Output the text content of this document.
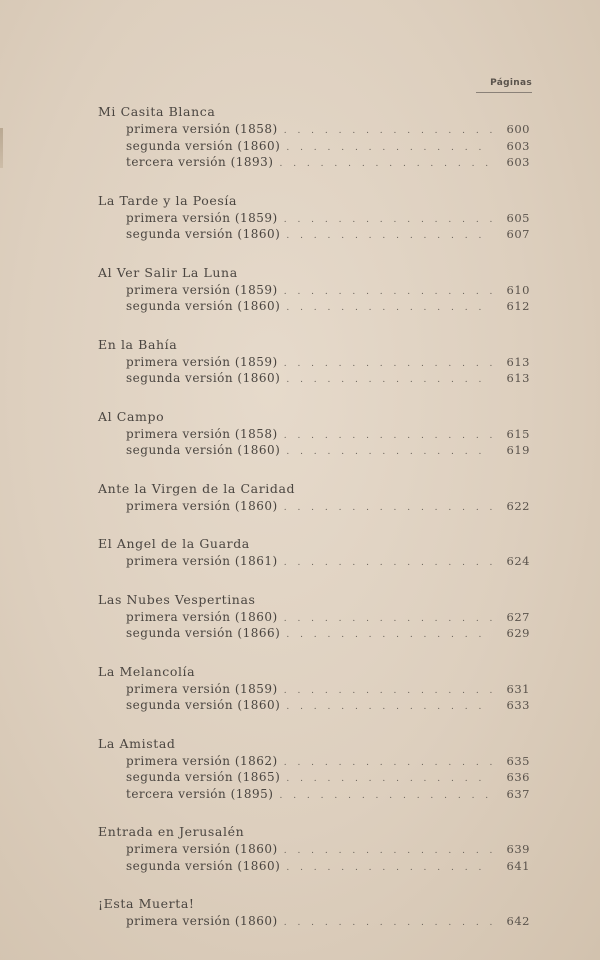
Páginas
Mi Casita Blanca
primera versión (1858) . . .	600
segunda versión (1860) . . .	603
tercera versión (1893) . . .	603
La Tarde y la Poesía
primera versión (1859) . . .	605
segunda versión (1860) . . .	607
Al Ver Salir La Luna
primera versión (1859) . . .	610
segunda versión (1860) . . .	612
En la Bahía
primera versión (1859) . . .	613
segunda versión (1860) . . .	613
Al Campo
primera versión (1858) . . .	615
segunda versión (1860) . . .	619
Ante la Virgen de la Caridad
primera versión (1860) . . .	622
El Angel de la Guarda
primera versión (1861) . . .	624
Las Nubes Vespertinas
primera versión (1860) . . .	627
segunda versión (1866) . . .	629
La Melancolía
primera versión (1859) . . .	631
segunda versión (1860) . . .	633
La Amistad
primera versión (1862) . . .	635
segunda versión (1865) . . .	636
tercera versión (1895) . . .	637
Entrada en Jerusalén
primera versión (1860) . . .	639
segunda versión (1860) . . .	641
¡Esta Muerta!
primera versión (1860) . . .	642
